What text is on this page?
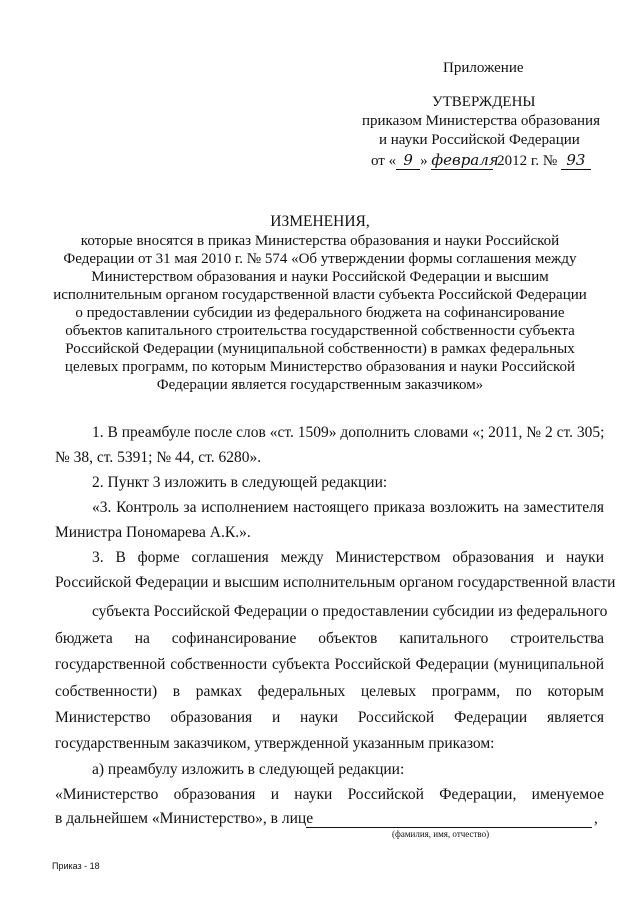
Приложение
УТВЕРЖДЕНЫ
приказом Министерства образования
и науки Российской Федерации
от « 9 » февраля 2012 г. № 93
ИЗМЕНЕНИЯ,
которые вносятся в приказ Министерства образования и науки Российской
Федерации от 31 мая 2010 г. № 574 «Об утверждении формы соглашения между
Министерством образования и науки Российской Федерации и высшим
исполнительным органом государственной власти субъекта Российской Федерации
о предоставлении субсидии из федерального бюджета на софинансирование
объектов капитального строительства государственной собственности субъекта
Российской Федерации (муниципальной собственности) в рамках федеральных
целевых программ, по которым Министерство образования и науки Российской
Федерации является государственным заказчиком»
1. В преамбуле после слов «ст. 1509» дополнить словами «; 2011, № 2 ст. 305;
№ 38, ст. 5391; № 44, ст. 6280».
2. Пункт 3 изложить в следующей редакции:
«3. Контроль за исполнением настоящего приказа возложить на заместителя
Министра Пономарева А.К.».
3. В форме соглашения между Министерством образования и науки
Российской Федерации и высшим исполнительным органом государственной власти
субъекта Российской Федерации о предоставлении субсидии из федерального
бюджета на софинансирование объектов капитального строительства
государственной собственности субъекта Российской Федерации (муниципальной
собственности) в рамках федеральных целевых программ, по которым
Министерство образования и науки Российской Федерации является
государственным заказчиком, утвержденной указанным приказом:
а) преамбулу изложить в следующей редакции:
«Министерство образования и науки Российской Федерации, именуемое
в дальнейшем «Министерство», в лице	,
(фамилия, имя, отчество)
Приказ - 18
